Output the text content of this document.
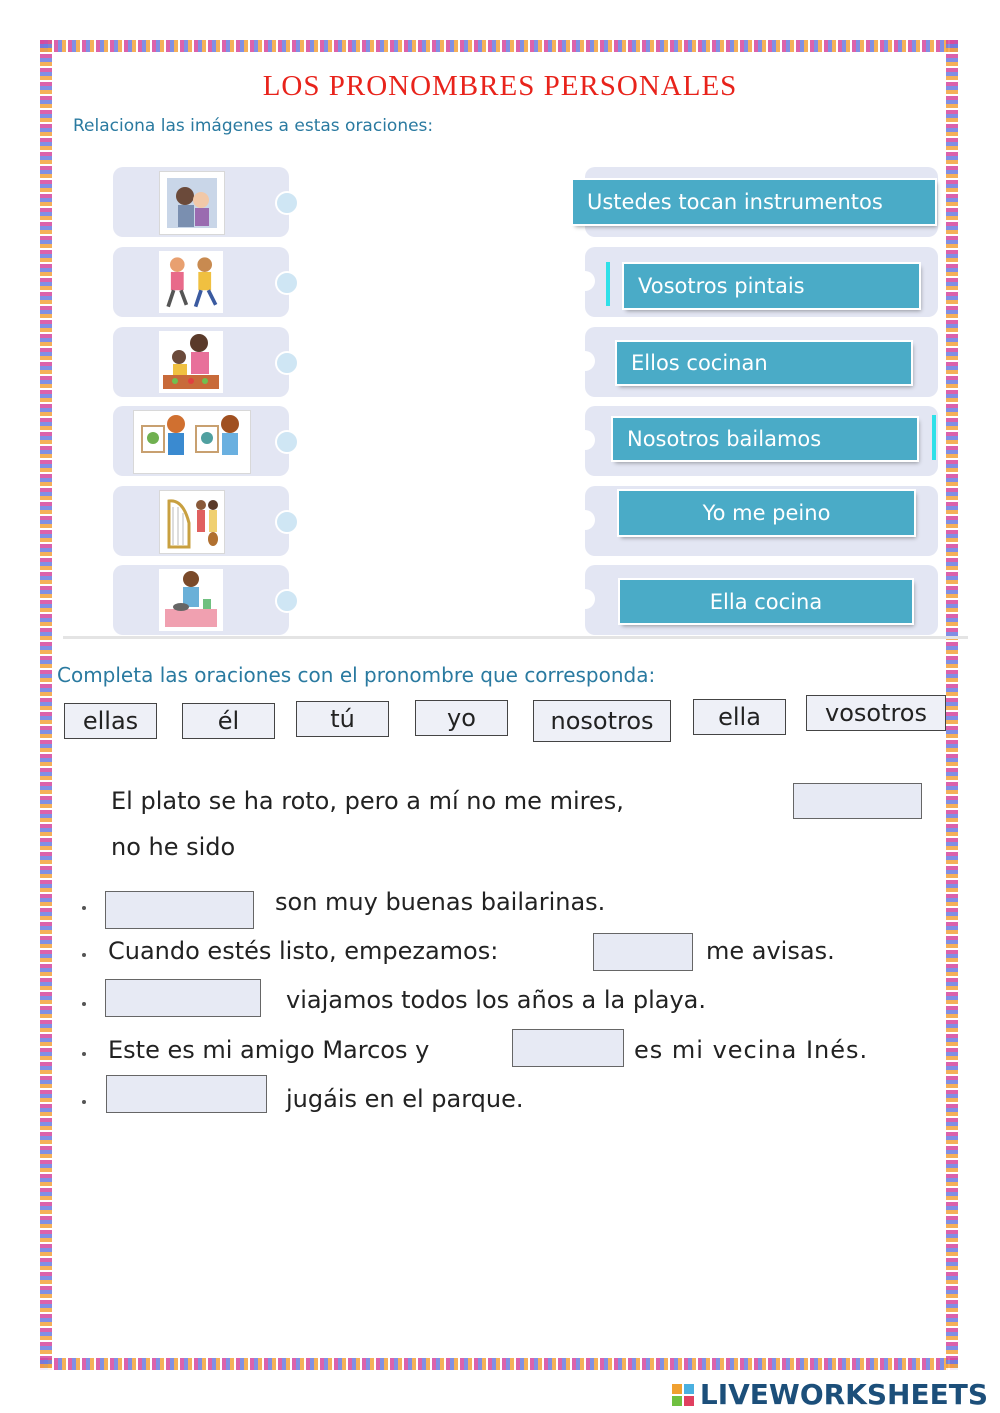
LOS PRONOMBRES PERSONALES
Relaciona las imágenes a estas oraciones:
Ustedes tocan instrumentos
Vosotros pintais
Ellos cocinan
Nosotros bailamos
Yo me peino
Ella cocina
Completa las oraciones con el pronombre que corresponda:
ellas	él	tú	yo	nosotros	ella	vosotros
El plato se ha roto, pero a mí no me mires,
no he sido
son muy buenas bailarinas.
Cuando estés listo, empezamos:	me avisas.
viajamos todos los años a la playa.
Este es mi amigo Marcos y	es mi vecina Inés.
jugáis en el parque.
LIVEWORKSHEETS
